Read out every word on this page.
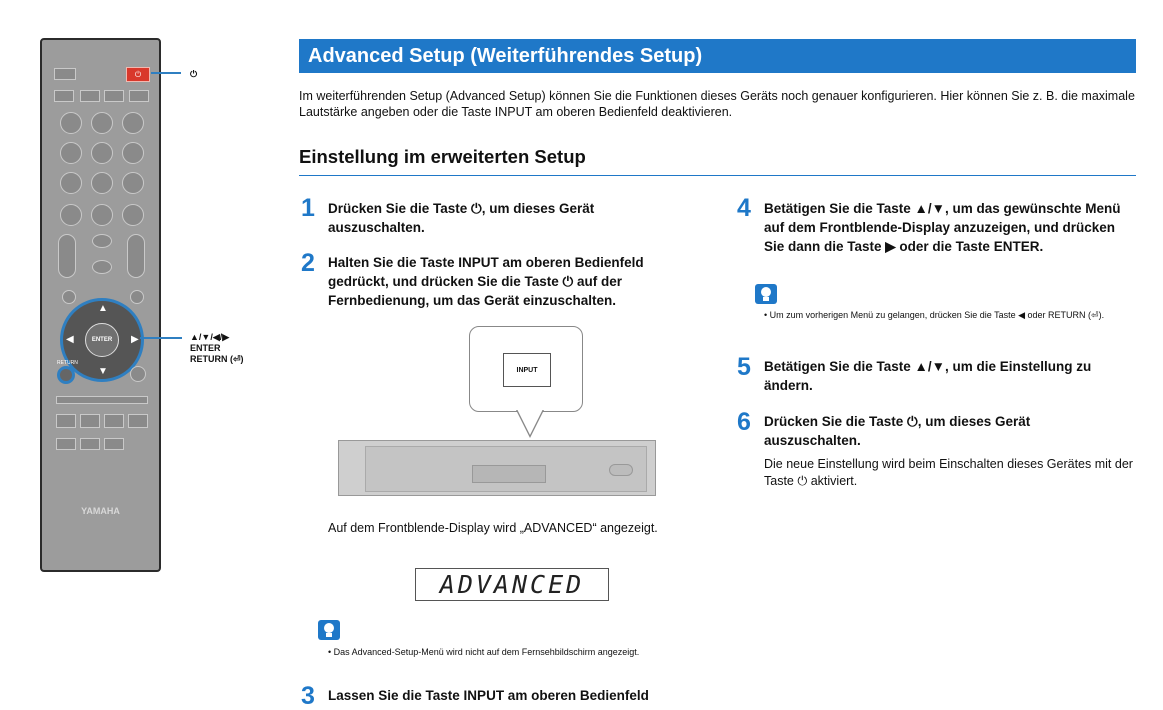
⏻
▲
▼
◀	▶
ENTER
RETURN
YAMAHA
⏻
▲/▼/◀/▶
ENTER
RETURN (⏎)
Advanced Setup (Weiterführendes Setup)
Im weiterführenden Setup (Advanced Setup) können Sie die Funktionen dieses Geräts noch genauer konfigurieren. Hier können Sie z. B. die maximale Lautstärke angeben oder die Taste INPUT am oberen Bedienfeld deaktivieren.
Einstellung im erweiterten Setup
1 Drücken Sie die Taste ⏻, um dieses Gerät auszuschalten.
2 Halten Sie die Taste INPUT am oberen Bedienfeld gedrückt, und drücken Sie die Taste ⏻ auf der Fernbedienung, um das Gerät einzuschalten.
INPUT
Auf dem Frontblende-Display wird „ADVANCED“ angezeigt.
ADVANCED
• Das Advanced-Setup-Menü wird nicht auf dem Fernsehbildschirm angezeigt.
3 Lassen Sie die Taste INPUT am oberen Bedienfeld
4 Betätigen Sie die Taste ▲/▼, um das gewünschte Menü auf dem Frontblende-Display anzuzeigen, und drücken Sie dann die Taste ▶ oder die Taste ENTER.
• Um zum vorherigen Menü zu gelangen, drücken Sie die Taste ◀ oder RETURN (⏎).
5 Betätigen Sie die Taste ▲/▼, um die Einstellung zu ändern.
6 Drücken Sie die Taste ⏻, um dieses Gerät auszuschalten.
Die neue Einstellung wird beim Einschalten dieses Gerätes mit der Taste ⏻ aktiviert.
